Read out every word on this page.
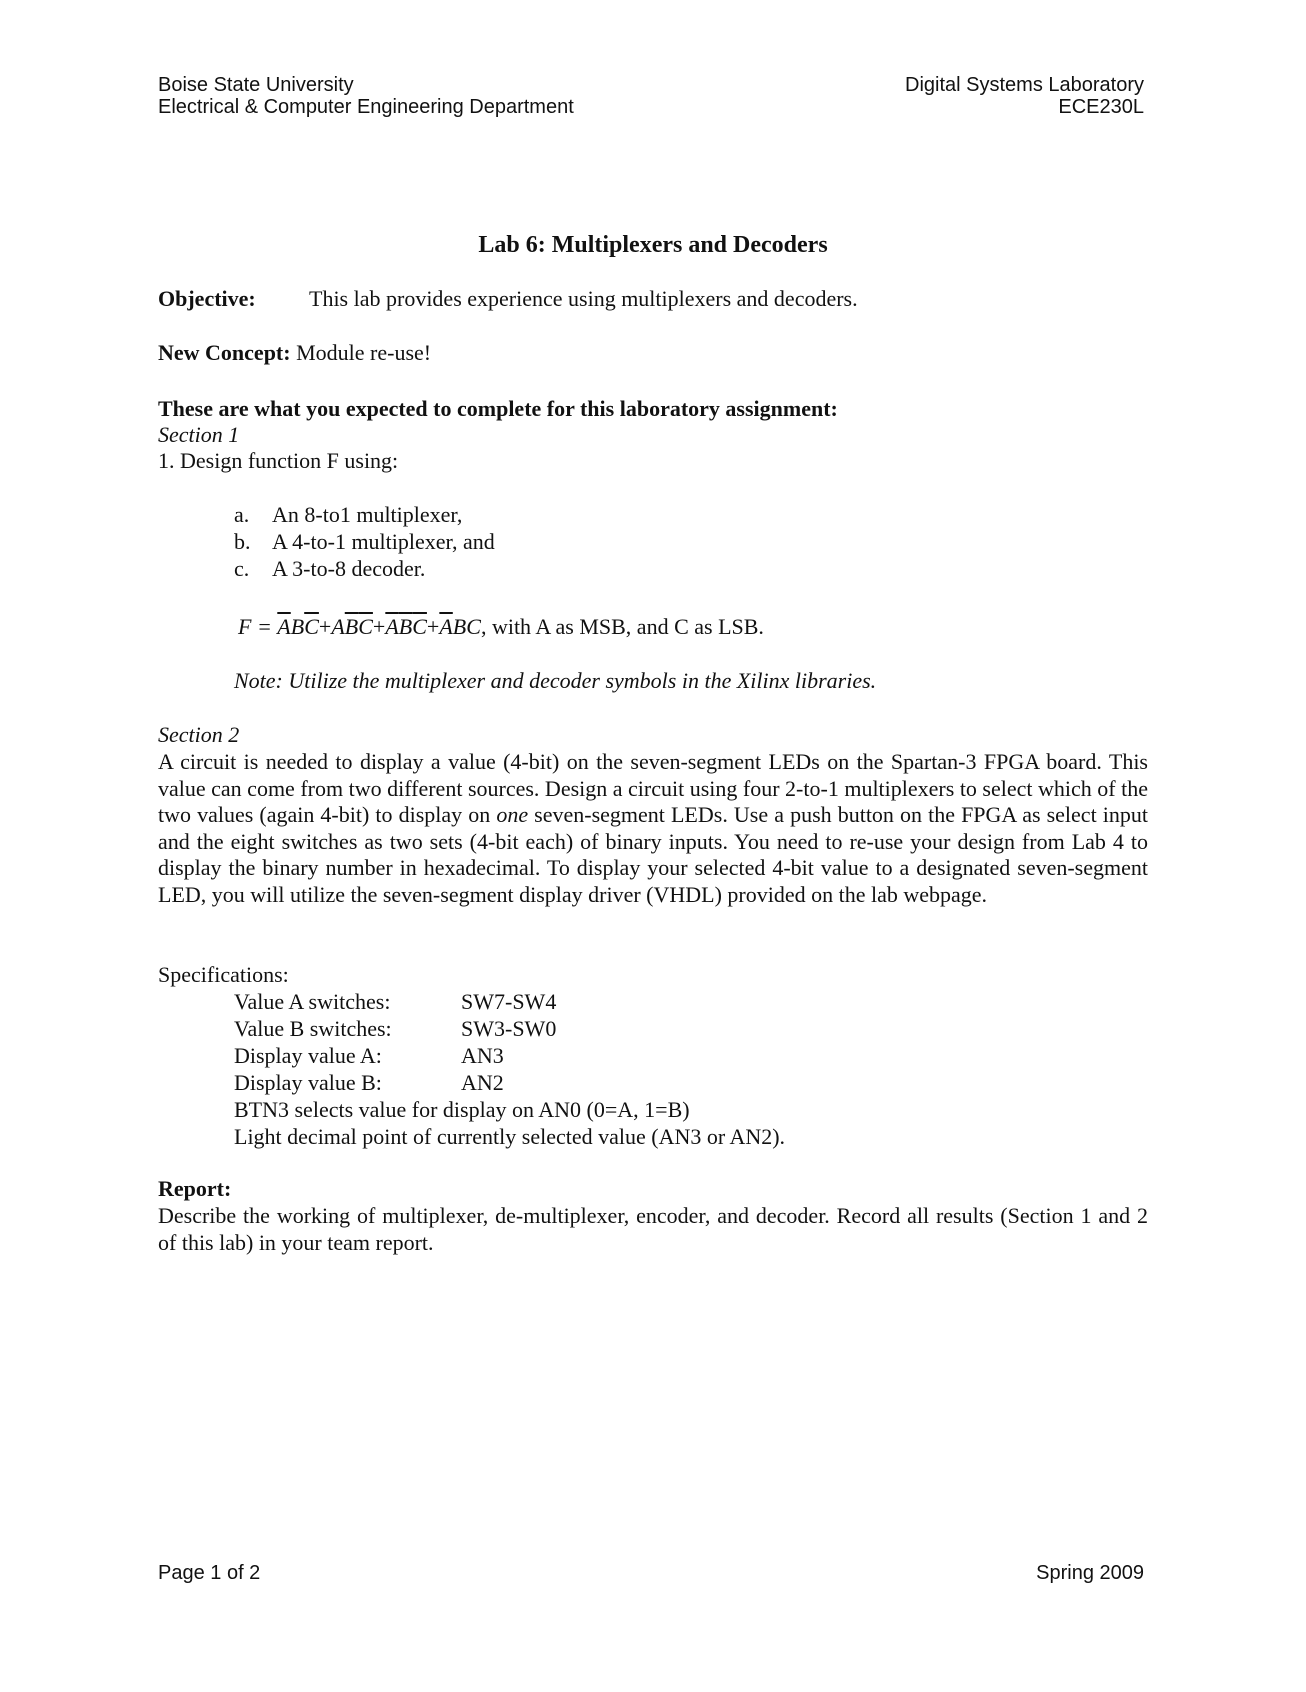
Boise State University
Electrical & Computer Engineering Department
Digital Systems Laboratory
ECE230L
Lab 6: Multiplexers and Decoders
Objective: This lab provides experience using multiplexers and decoders.
New Concept: Module re-use!
These are what you expected to complete for this laboratory assignment:
Section 1
1. Design function F using:
a. An 8-to1 multiplexer,
b. A 4-to-1 multiplexer, and
c. A 3-to-8 decoder.
$F = \overline{A}B\overline{C}+A\overline{B}\overline{C}+\overline{A}\overline{B}\overline{C}+\overline{A}BC$, with A as MSB, and C as LSB.
Note: Utilize the multiplexer and decoder symbols in the Xilinx libraries.
Section 2
A circuit is needed to display a value (4-bit) on the seven-segment LEDs on the Spartan-3 FPGA board. This value can come from two different sources. Design a circuit using four 2-to-1 multiplexers to select which of the two values (again 4-bit) to display on one seven-segment LEDs. Use a push button on the FPGA as select input and the eight switches as two sets (4-bit each) of binary inputs. You need to re-use your design from Lab 4 to display the binary number in hexadecimal. To display your selected 4-bit value to a designated seven-segment LED, you will utilize the seven-segment display driver (VHDL) provided on the lab webpage.
Specifications:
Value A switches:	SW7-SW4
Value B switches:	SW3-SW0
Display value A:	AN3
Display value B:	AN2
BTN3 selects value for display on AN0 (0=A, 1=B)
Light decimal point of currently selected value (AN3 or AN2).
Report:
Describe the working of multiplexer, de-multiplexer, encoder, and decoder. Record all results (Section 1 and 2 of this lab) in your team report.
Page 1 of 2	Spring 2009
